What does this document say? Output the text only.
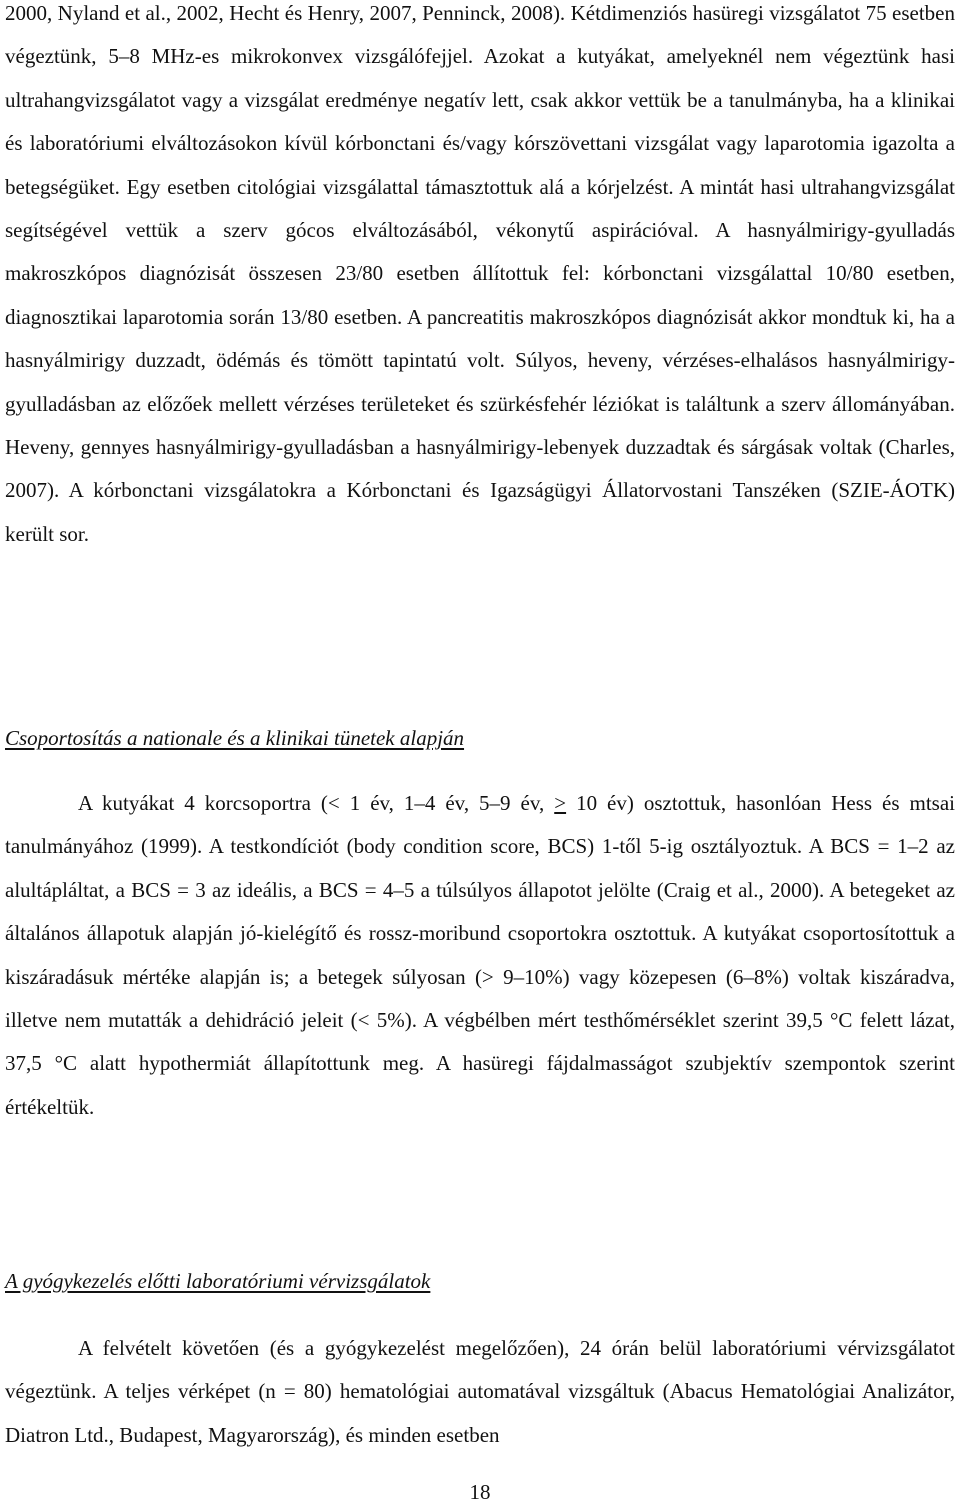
2000, Nyland et al., 2002, Hecht és Henry, 2007, Penninck, 2008). Kétdimenziós hasüregi vizsgálatot 75 esetben végeztünk, 5–8 MHz-es mikrokonvex vizsgálófejjel. Azokat a kutyákat, amelyeknél nem végeztünk hasi ultrahangvizsgálatot vagy a vizsgálat eredménye negatív lett, csak akkor vettük be a tanulmányba, ha a klinikai és laboratóriumi elváltozásokon kívül kórbonctani és/vagy kórszövettani vizsgálat vagy laparotomia igazolta a betegségüket. Egy esetben citológiai vizsgálattal támasztottuk alá a kórjelzést. A mintát hasi ultrahangvizsgálat segítségével vettük a szerv gócos elváltozásából, vékonytű aspirációval. A hasnyálmirigy-gyulladás makroszkópos diagnózisát összesen 23/80 esetben állítottuk fel: kórbonctani vizsgálattal 10/80 esetben, diagnosztikai laparotomia során 13/80 esetben. A pancreatitis makroszkópos diagnózisát akkor mondtuk ki, ha a hasnyálmirigy duzzadt, ödémás és tömött tapintatú volt. Súlyos, heveny, vérzéses-elhalásos hasnyálmirigy-gyulladásban az előzőek mellett vérzéses területeket és szürkésfehér léziókat is találtunk a szerv állományában. Heveny, gennyes hasnyálmirigy-gyulladásban a hasnyálmirigy-lebenyek duzzadtak és sárgásak voltak (Charles, 2007). A kórbonctani vizsgálatokra a Kórbonctani és Igazságügyi Állatorvostani Tanszéken (SZIE-ÁOTK) került sor.

Csoportosítás a nationale és a klinikai tünetek alapján

A kutyákat 4 korcsoportra (< 1 év, 1–4 év, 5–9 év, > 10 év) osztottuk, hasonlóan Hess és mtsai tanulmányához (1999). A testkondíciót (body condition score, BCS) 1-től 5-ig osztályoztuk. A BCS = 1–2 az alultápláltat, a BCS = 3 az ideális, a BCS = 4–5 a túlsúlyos állapotot jelölte (Craig et al., 2000). A betegeket az általános állapotuk alapján jó-kielégítő és rossz-moribund csoportokra osztottuk. A kutyákat csoportosítottuk a kiszáradásuk mértéke alapján is; a betegek súlyosan (> 9–10%) vagy közepesen (6–8%) voltak kiszáradva, illetve nem mutatták a dehidráció jeleit (< 5%). A végbélben mért testhőmérséklet szerint 39,5 °C felett lázat, 37,5 °C alatt hypothermiát állapítottunk meg. A hasüregi fájdalmasságot szubjektív szempontok szerint értékeltük.

A gyógykezelés előtti laboratóriumi vérvizsgálatok

A felvételt követően (és a gyógykezelést megelőzően), 24 órán belül laboratóriumi vérvizsgálatot végeztünk. A teljes vérképet (n = 80) hematológiai automatával vizsgáltuk (Abacus Hematológiai Analizátor, Diatron Ltd., Budapest, Magyarország), és minden esetben

18
